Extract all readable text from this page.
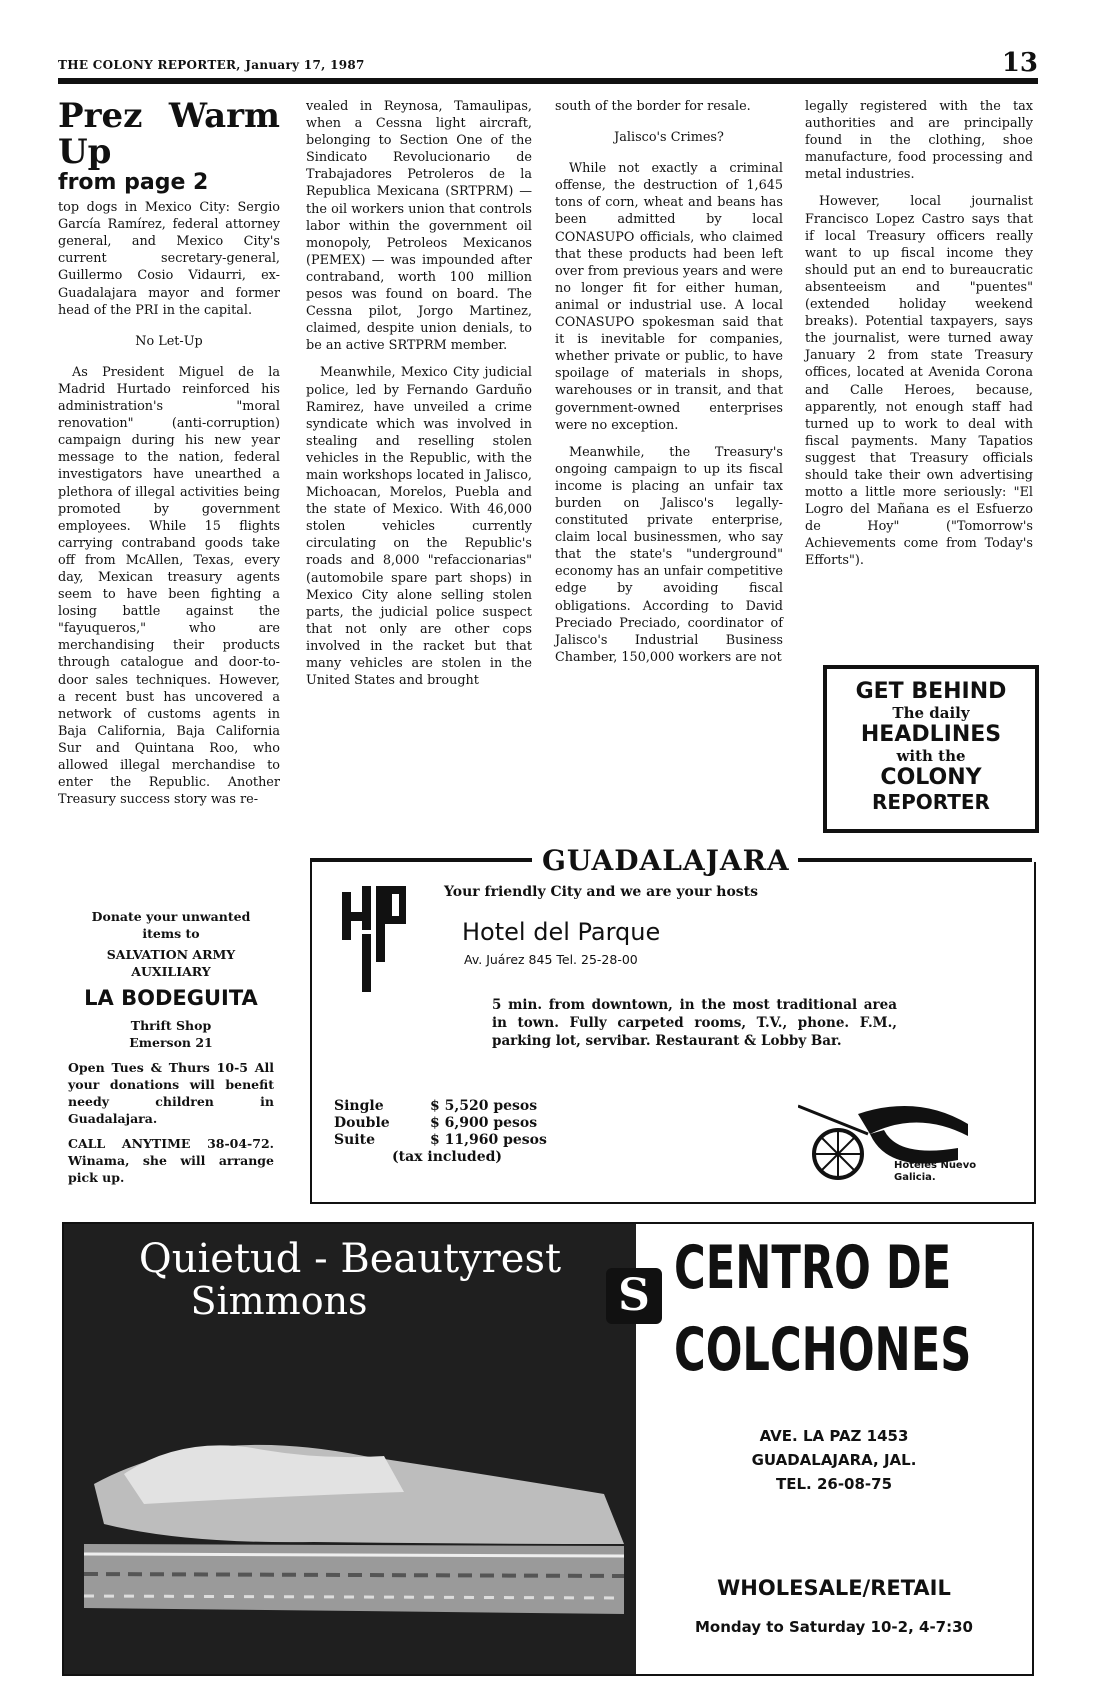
THE COLONY REPORTER, January 17, 1987	13
Prez Warm Up
from page 2

top dogs in Mexico City: Sergio García Ramírez, federal attorney general, and Mexico City's current secretary-general, Guillermo Cosio Vidaurri, ex-Guadalajara mayor and former head of the PRI in the capital.

No Let-Up

As President Miguel de la Madrid Hurtado reinforced his administration's "moral renovation" (anti-corruption) campaign during his new year message to the nation, federal investigators have unearthed a plethora of illegal activities being promoted by government employees. While 15 flights carrying contraband goods take off from McAllen, Texas, every day, Mexican treasury agents seem to have been fighting a losing battle against the "fayuqueros," who are merchandising their products through catalogue and door-to-door sales techniques. However, a recent bust has uncovered a network of customs agents in Baja California, Baja California Sur and Quintana Roo, who allowed illegal merchandise to enter the Republic. Another Treasury success story was re-

vealed in Reynosa, Tamaulipas, when a Cessna light aircraft, belonging to Section One of the Sindicato Revolucionario de Trabajadores Petroleros de la Republica Mexicana (SRTPRM) — the oil workers union that controls labor within the government oil monopoly, Petroleos Mexicanos (PEMEX) — was impounded after contraband, worth 100 million pesos was found on board. The Cessna pilot, Jorgo Martinez, claimed, despite union denials, to be an active SRTPRM member.

Meanwhile, Mexico City judicial police, led by Fernando Garduño Ramirez, have unveiled a crime syndicate which was involved in stealing and reselling stolen vehicles in the Republic, with the main workshops located in Jalisco, Michoacan, Morelos, Puebla and the state of Mexico. With 46,000 stolen vehicles currently circulating on the Republic's roads and 8,000 "refaccionarias" (automobile spare part shops) in Mexico City alone selling stolen parts, the judicial police suspect that not only are other cops involved in the racket but that many vehicles are stolen in the United States and brought

south of the border for resale.

Jalisco's Crimes?

While not exactly a criminal offense, the destruction of 1,645 tons of corn, wheat and beans has been admitted by local CONASUPO officials, who claimed that these products had been left over from previous years and were no longer fit for either human, animal or industrial use. A local CONASUPO spokesman said that it is inevitable for companies, whether private or public, to have spoilage of materials in shops, warehouses or in transit, and that government-owned enterprises were no exception.

Meanwhile, the Treasury's ongoing campaign to up its fiscal income is placing an unfair tax burden on Jalisco's legally-constituted private enterprise, claim local businessmen, who say that the state's "underground" economy has an unfair competitive edge by avoiding fiscal obligations. According to David Preciado Preciado, coordinator of Jalisco's Industrial Business Chamber, 150,000 workers are not

legally registered with the tax authorities and are principally found in the clothing, shoe manufacture, food processing and metal industries.

However, local journalist Francisco Lopez Castro says that if local Treasury officers really want to up fiscal income they should put an end to bureaucratic absenteeism and "puentes" (extended holiday weekend breaks). Potential taxpayers, says the journalist, were turned away January 2 from state Treasury offices, located at Avenida Corona and Calle Heroes, because, apparently, not enough staff had turned up to work to deal with fiscal payments. Many Tapatios suggest that Treasury officials should take their own advertising motto a little more seriously: "El Logro del Mañana es el Esfuerzo de Hoy" ("Tomorrow's Achievements come from Today's Efforts").

GET BEHIND
The daily
HEADLINES
with the
COLONY
REPORTER
Donate your unwanted items to
SALVATION ARMY AUXILIARY
LA BODEGUITA
Thrift Shop
Emerson 21
Open Tues & Thurs 10-5 All your donations will benefit needy children in Guadalajara.
CALL ANYTIME 38-04-72. Winama, she will arrange pick up.
GUADALAJARA
Your friendly City and we are your hosts
Hotel del Parque
Av. Juárez 845 Tel. 25-28-00
5 min. from downtown, in the most traditional area in town. Fully carpeted rooms, T.V., phone. F.M., parking lot, servibar. Restaurant & Lobby Bar.
Single	$ 5,520 pesos
Double	$ 6,900 pesos
Suite	$ 11,960 pesos
(tax included)
Hoteles Nuevo Galicia.
Quietud - Beautyrest
Simmons	S CENTRO DE
COLCHONES
AVE. LA PAZ 1453
GUADALAJARA, JAL.
TEL. 26-08-75
WHOLESALE/RETAIL
Monday to Saturday 10-2, 4-7:30
